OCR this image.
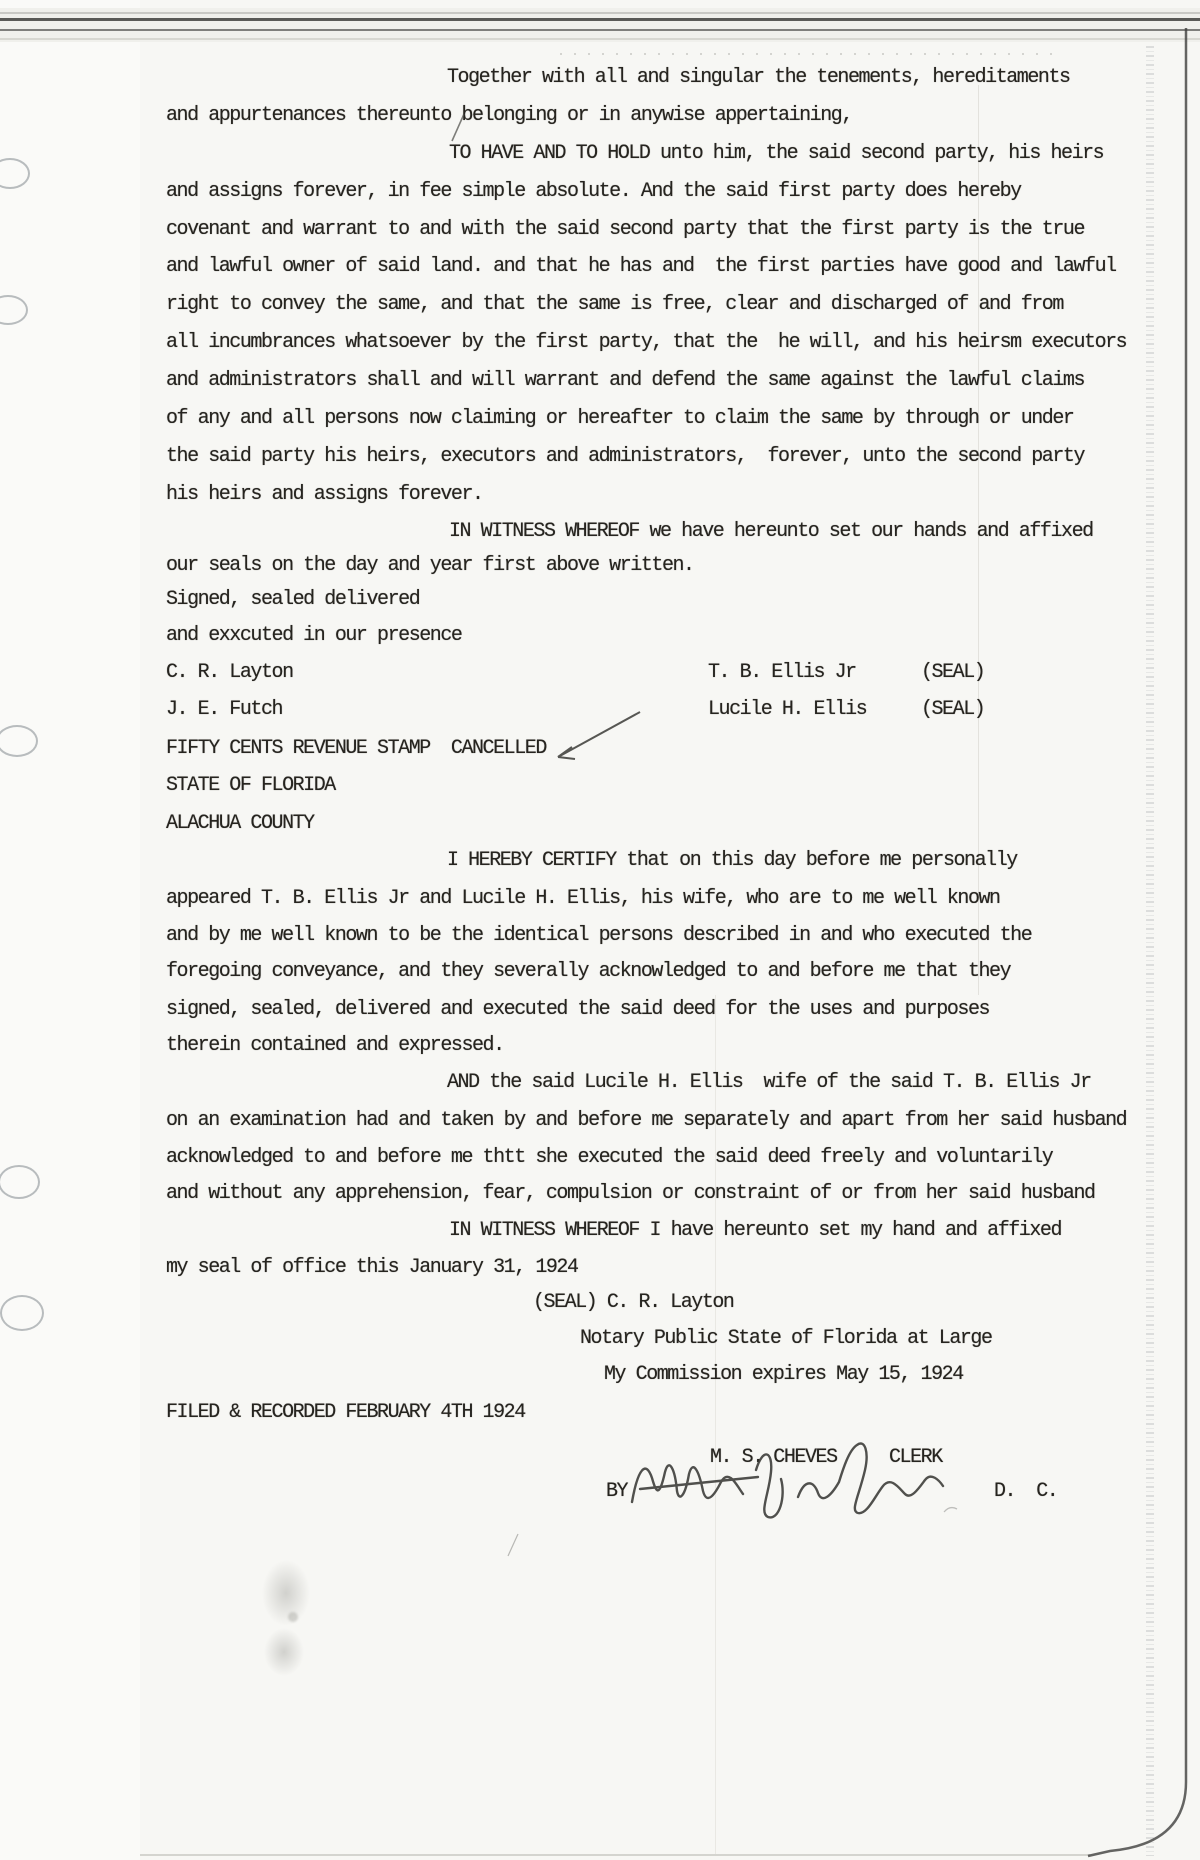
Together with all and singular the tenements, hereditaments
and appurtenances thereunto belonging or in anywise appertaining,
TO HAVE AND TO HOLD unto him, the said second party, his heirs
and assigns forever, in fee simple absolute. And the said first party does hereby
covenant and warrant to and with the said second party that the first party is the true
and lawful owner of said land. and that he has and  the first parties have good and lawful
right to convey the same, and that the same is free, clear and discharged of and from
all incumbrances whatsoever by the first party, that the  he will, and his heirsm executors
and administrators shall and will warrant and defend the same against the lawful claims
of any and all persons now claiming or hereafter to claim the same by through or under
the said party his heirs, executors and administrators,  forever, unto the second party
his heirs and assigns forever.
IN WITNESS WHEREOF we have hereunto set our hands and affixed
our seals on the day and year first above written.
Signed, sealed delivered
and exxcuted in our presence
C. R. Layton	T. B. Ellis Jr	(SEAL)
J. E. Futch	Lucile H. Ellis	(SEAL)
FIFTY CENTS REVENUE STAMP  CANCELLED
STATE OF FLORIDA
ALACHUA COUNTY
I HEREBY CERTIFY that on this day before me personally
appeared T. B. Ellis Jr and Lucile H. Ellis, his wife, who are to me well known
and by me well known to be the identical persons described in and who executed the
foregoing conveyance, and they severally acknowledged to and before me that they
signed, sealed, delivered and executed the said deed for the uses and purposes
therein contained and expressed.
AND the said Lucile H. Ellis  wife of the said T. B. Ellis Jr
on an examination had and taken by and before me separately and apart from her said husband
acknowledged to and before me thtt she executed the said deed freely and voluntarily
and without any apprehension, fear, compulsion or constraint of or from her said husband
IN WITNESS WHEREOF I have hereunto set my hand and affixed
my seal of office this January 31, 1924
(SEAL) C. R. Layton
Notary Public State of Florida at Large
My Commission expires May 15, 1924
FILED & RECORDED FEBRUARY 4TH 1924
M. S. CHEVES	CLERK
BY	D.  C.
